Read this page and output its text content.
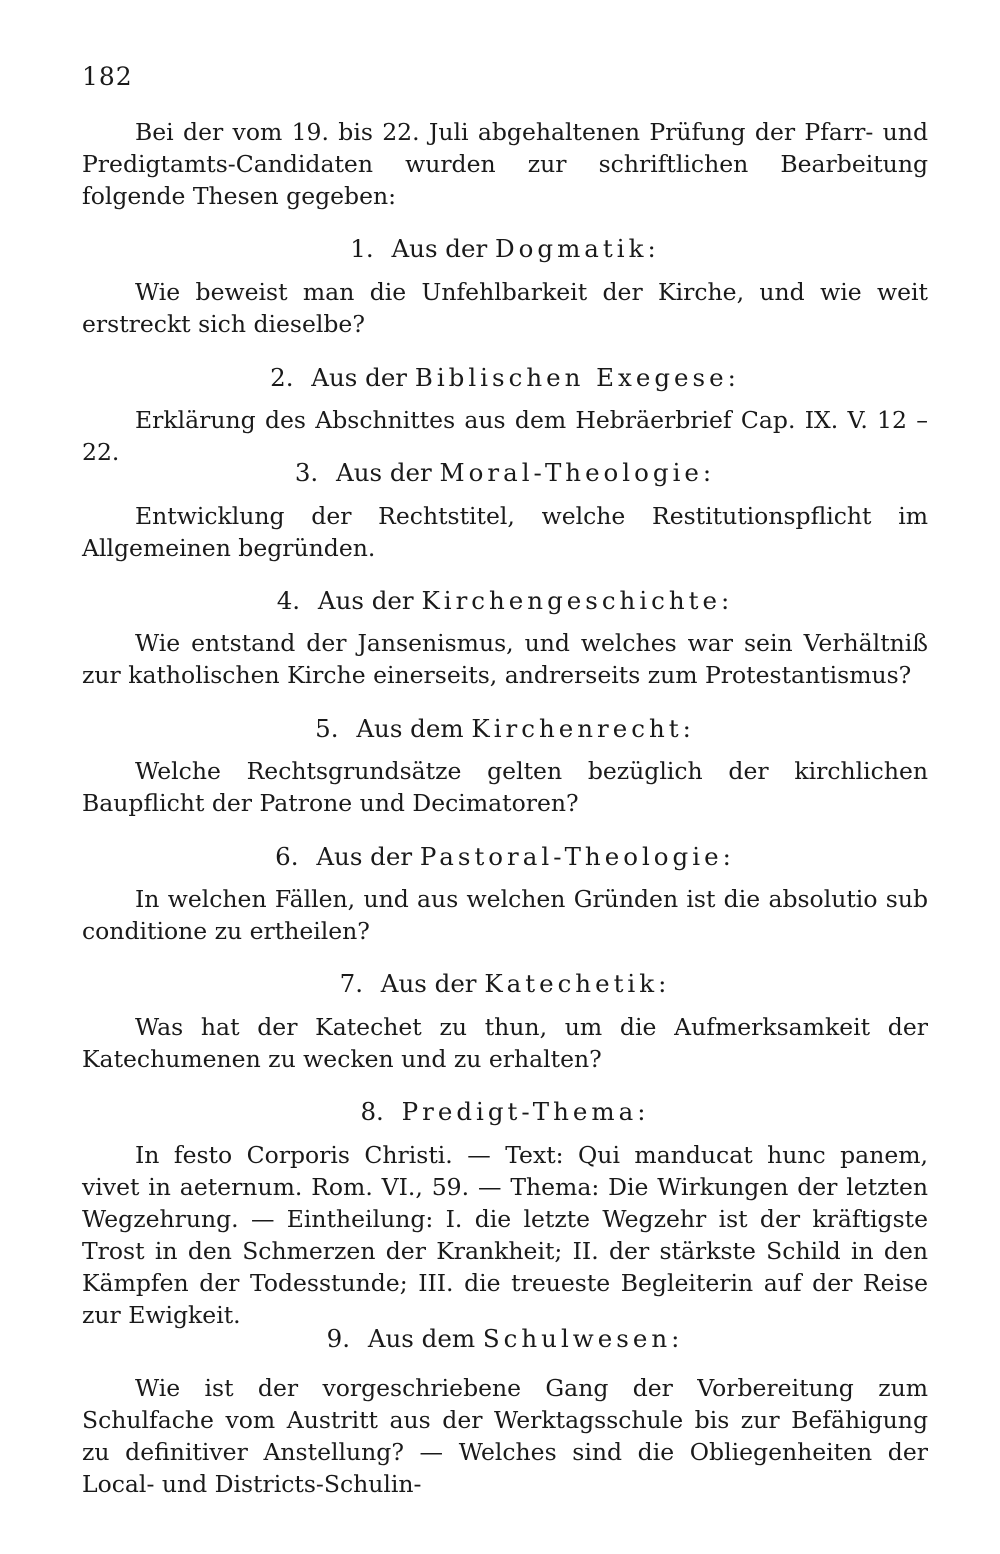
182

Bei der vom 19. bis 22. Juli abgehaltenen Prüfung der Pfarr- und Predigtamts-Candidaten wurden zur schriftlichen Bearbeitung folgende Thesen gegeben:

1. Aus der Dogmatik:

Wie beweist man die Unfehlbarkeit der Kirche, und wie weit erstreckt sich dieselbe?

2. Aus der Biblischen Exegese:

Erklärung des Abschnittes aus dem Hebräerbrief Cap. IX. V. 12 – 22.

3. Aus der Moral-Theologie:

Entwicklung der Rechtstitel, welche Restitutionspflicht im Allgemeinen begründen.

4. Aus der Kirchengeschichte:

Wie entstand der Jansenismus, und welches war sein Verhältniß zur katholischen Kirche einerseits, andrerseits zum Protestantismus?

5. Aus dem Kirchenrecht:

Welche Rechtsgrundsätze gelten bezüglich der kirchlichen Baupflicht der Patrone und Decimatoren?

6. Aus der Pastoral-Theologie:

In welchen Fällen, und aus welchen Gründen ist die absolutio sub conditione zu ertheilen?

7. Aus der Katechetik:

Was hat der Katechet zu thun, um die Aufmerksamkeit der Katechumenen zu wecken und zu erhalten?

8. Predigt-Thema:

In festo Corporis Christi. — Text: Qui manducat hunc panem, vivet in aeternum. Rom. VI., 59. — Thema: Die Wirkungen der letzten Wegzehrung. — Eintheilung: I. die letzte Wegzehr ist der kräftigste Trost in den Schmerzen der Krankheit; II. der stärkste Schild in den Kämpfen der Todesstunde; III. die treueste Begleiterin auf der Reise zur Ewigkeit.

9. Aus dem Schulwesen:

Wie ist der vorgeschriebene Gang der Vorbereitung zum Schulfache vom Austritt aus der Werktagsschule bis zur Befähigung zu definitiver Anstellung? — Welches sind die Obliegenheiten der Local- und Districts-Schulin-
